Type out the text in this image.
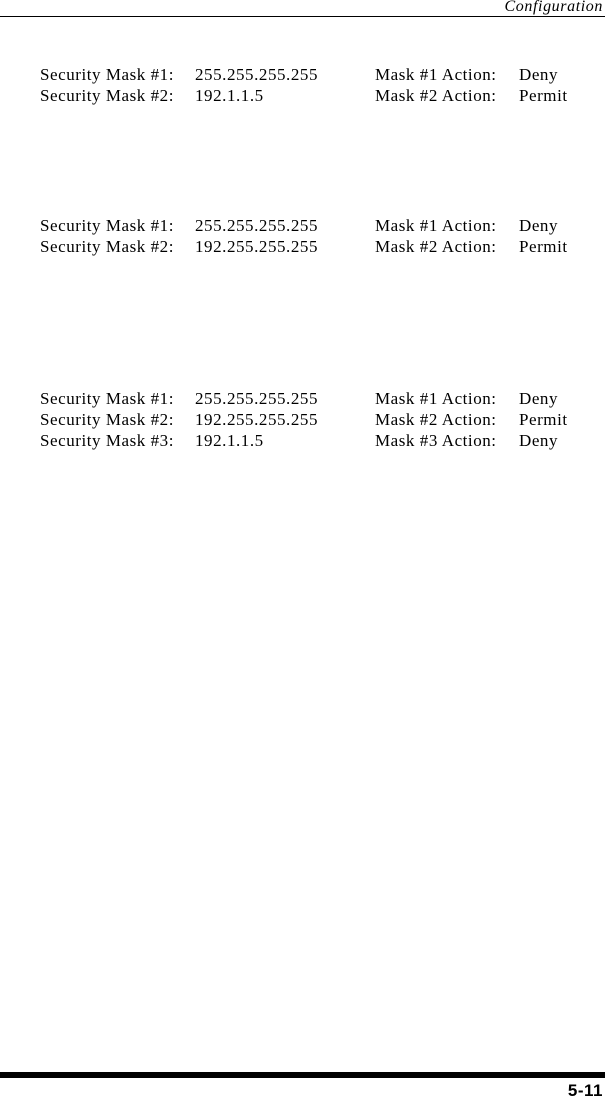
Configuration
Security Mask #1: 255.255.255.255	Mask #1 Action: Deny
Security Mask #2: 192.1.1.5	Mask #2 Action: Permit
Security Mask #1: 255.255.255.255	Mask #1 Action: Deny
Security Mask #2: 192.255.255.255	Mask #2 Action: Permit
Security Mask #1: 255.255.255.255	Mask #1 Action: Deny
Security Mask #2: 192.255.255.255	Mask #2 Action: Permit
Security Mask #3: 192.1.1.5	Mask #3 Action: Deny
5-11
